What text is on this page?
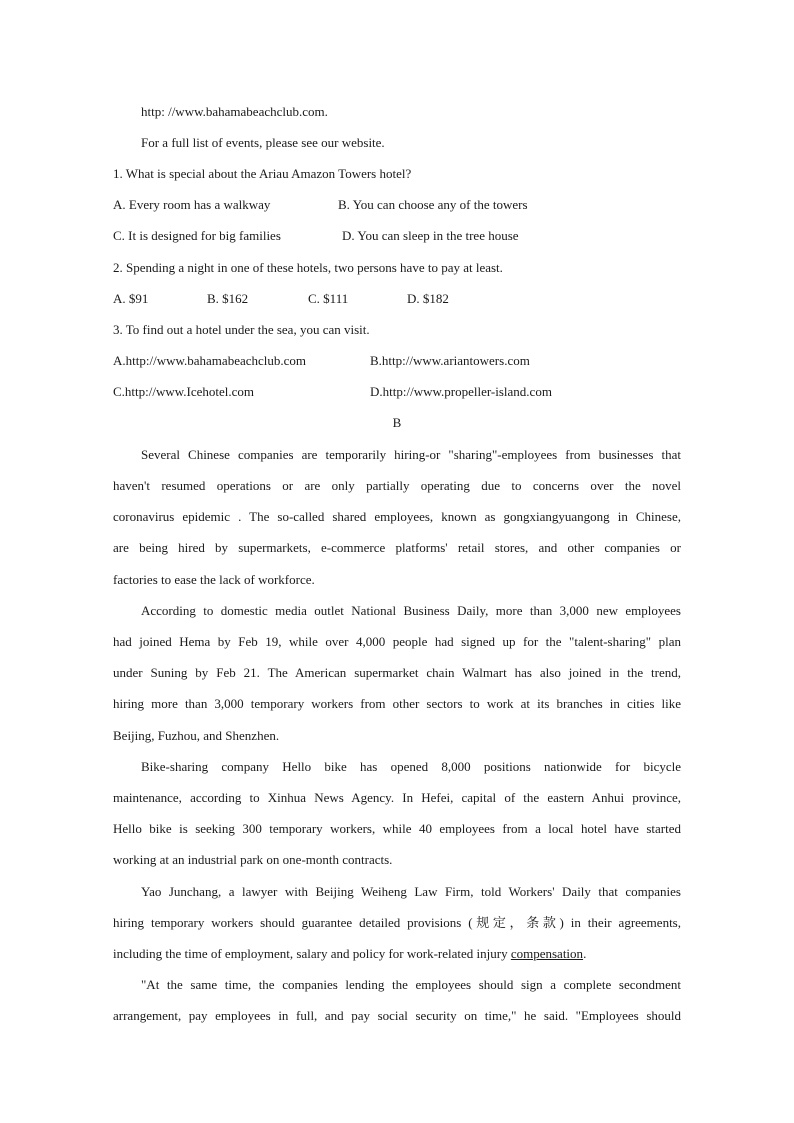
http: //www.bahamabeachclub.com.
For a full list of events, please see our website.
1. What is special about the Ariau Amazon Towers hotel?
A. Every room has a walkway	B. You can choose any of the towers
C. It is designed for big families	D. You can sleep in the tree house
2. Spending a night in one of these hotels, two persons have to pay at least.
A. $91	B. $162	C. $111	D. $182
3. To find out a hotel under the sea, you can visit.
A.http://www.bahamabeachclub.com	B.http://www.ariantowers.com
C.http://www.Icehotel.com	D.http://www.propeller-island.com
B
Several Chinese companies are temporarily hiring-or "sharing"-employees from businesses that
haven't resumed operations or are only partially operating due to concerns over the novel
coronavirus epidemic . The so-called shared employees, known as gongxiangyuangong in Chinese,
are being hired by supermarkets, e-commerce platforms' retail stores, and other companies or
factories to ease the lack of workforce.
According to domestic media outlet National Business Daily, more than 3,000 new employees
had joined Hema by Feb 19, while over 4,000 people had signed up for the "talent-sharing" plan
under Suning by Feb 21. The American supermarket chain Walmart has also joined in the trend,
hiring more than 3,000 temporary workers from other sectors to work at its branches in cities like
Beijing, Fuzhou, and Shenzhen.
Bike-sharing company Hello bike has opened 8,000 positions nationwide for bicycle
maintenance, according to Xinhua News Agency. In Hefei, capital of the eastern Anhui province,
Hello bike is seeking 300 temporary workers, while 40 employees from a local hotel have started
working at an industrial park on one-month contracts.
Yao Junchang, a lawyer with Beijing Weiheng Law Firm, told Workers' Daily that companies
hiring temporary workers should guarantee detailed provisions (规定，条款) in their agreements,
including the time of employment, salary and policy for work-related injury compensation.
"At the same time, the companies lending the employees should sign a complete secondment
arrangement, pay employees in full, and pay social security on time," he said. "Employees should
